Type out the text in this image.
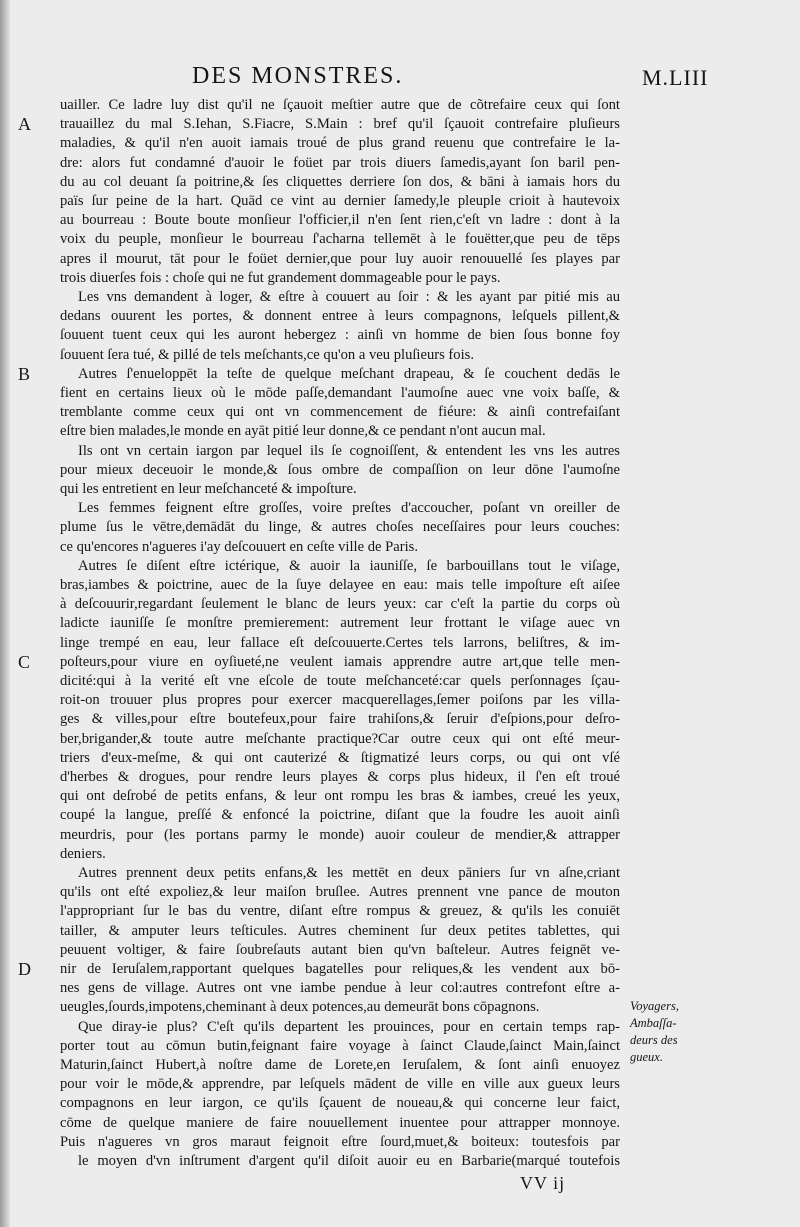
DES MONSTRES.	M.LIII
A
B
C
D
uailler. Ce ladre luy dist qu'il ne ſçauoit meſtier autre que de cõtrefaire ceux qui ſont
trauaillez du mal S.Iehan, S.Fiacre, S.Main : bref qu'il ſçauoit contrefaire pluſieurs
maladies, & qu'il n'en auoit iamais troué de plus grand reuenu que contrefaire le la-
dre: alors fut condamné d'auoir le foüet par trois diuers ſamedis,ayant ſon baril pen-
du au col deuant ſa poitrine,& ſes cliquettes derriere ſon dos, & bāni à iamais hors du
païs ſur peine de la hart. Quād ce vint au dernier ſamedy,le pleuple crioit à hautevoix
au bourreau : Boute boute monſieur l'officier,il n'en ſent rien,c'eſt vn ladre : dont à la
voix du peuple, monſieur le bourreau ſ'acharna tellemēt à le fouëtter,que peu de tēps
apres il mourut, tāt pour le foüet dernier,que pour luy auoir renouuellé ſes playes par
trois diuerſes fois : choſe qui ne fut grandement dommageable pour le pays.
Les vns demandent à loger, & eſtre à couuert au ſoir : & les ayant par pitié mis au
dedans ouurent les portes, & donnent entree à leurs compagnons, leſquels pillent,&
ſouuent tuent ceux qui les auront hebergez : ainſi vn homme de bien ſous bonne foy
ſouuent ſera tué, & pillé de tels meſchants,ce qu'on a veu pluſieurs fois.
Autres ſ'enueloppēt la teſte de quelque meſchant drapeau, & ſe couchent dedās le
fient en certains lieux où le mōde paſſe,demandant l'aumoſne auec vne voix baſſe, &
tremblante comme ceux qui ont vn commencement de fiéure: & ainſi contrefaiſant
eſtre bien malades,le monde en ayāt pitié leur donne,& ce pendant n'ont aucun mal.
Ils ont vn certain iargon par lequel ils ſe cognoiſſent, & entendent les vns les autres
pour mieux deceuoir le monde,& ſous ombre de compaſſion on leur dōne l'aumoſne
qui les entretient en leur meſchanceté & impoſture.
Les femmes feignent eſtre groſſes, voire preſtes d'accoucher, poſant vn oreiller de
plume ſus le vētre,demādāt du linge, & autres choſes neceſſaires pour leurs couches:
ce qu'encores n'agueres i'ay deſcouuert en ceſte ville de Paris.
Autres ſe diſent eſtre ictérique, & auoir la iauniſſe, ſe barbouillans tout le viſage,
bras,iambes & poictrine, auec de la ſuye delayee en eau: mais telle impoſture eſt aiſee
à deſcouurir,regardant ſeulement le blanc de leurs yeux: car c'eſt la partie du corps où
ladicte iauniſſe ſe monſtre premierement: autrement leur frottant le viſage auec vn
linge trempé en eau, leur fallace eſt deſcouuerte.Certes tels larrons, beliſtres, & im-
poſteurs,pour viure en oyſiueté,ne veulent iamais apprendre autre art,que telle men-
dicité:qui à la verité eſt vne eſcole de toute meſchanceté:car quels perſonnages ſçau-
roit-on trouuer plus propres pour exercer macquerellages,ſemer poiſons par les villa-
ges & villes,pour eſtre boutefeux,pour faire trahiſons,& ſeruir d'eſpions,pour deſro-
ber,brigander,& toute autre meſchante practique?Car outre ceux qui ont eſté meur-
triers d'eux-meſme, & qui ont cauterizé & ſtigmatizé leurs corps, ou qui ont vſé
d'herbes & drogues, pour rendre leurs playes & corps plus hideux, il ſ'en eſt troué
qui ont deſrobé de petits enfans, & leur ont rompu les bras & iambes, creué les yeux,
coupé la langue, preſſé & enfoncé la poictrine, diſant que la foudre les auoit ainſi
meurdris, pour (les portans parmy le monde) auoir couleur de mendier,& attrapper
deniers.
Autres prennent deux petits enfans,& les mettēt en deux pāniers ſur vn aſne,criant
qu'ils ont eſté expoliez,& leur maiſon bruſlee. Autres prennent vne pance de mouton
l'appropriant ſur le bas du ventre, diſant eſtre rompus & greuez, & qu'ils les conuiēt
tailler, & amputer leurs teſticules. Autres cheminent ſur deux petites tablettes, qui
peuuent voltiger, & faire ſoubreſauts autant bien qu'vn baſteleur. Autres feignēt ve-
nir de Ieruſalem,rapportant quelques bagatelles pour reliques,& les vendent aux bō-
nes gens de village. Autres ont vne iambe pendue à leur col:autres contrefont eſtre a-
ueugles,ſourds,impotens,cheminant à deux potences,au demeurāt bons cōpagnons.
Que diray-ie plus? C'eſt qu'ils departent les prouinces, pour en certain temps rap-
porter tout au cōmun butin,feignant faire voyage à ſainct Claude,ſainct Main,ſainct
Maturin,ſainct Hubert,à noſtre dame de Lorete,en Ieruſalem, & ſont ainſi enuoyez
pour voir le mōde,& apprendre, par leſquels mādent de ville en ville aux gueux leurs
compagnons en leur iargon, ce qu'ils ſçauent de noueau,& qui concerne leur faict,
cōme de quelque maniere de faire nouuellement inuentee pour attrapper monnoye.
Puis n'agueres vn gros maraut feignoit eſtre ſourd,muet,& boiteux: toutesfois par
le moyen d'vn inſtrument d'argent qu'il diſoit auoir eu en Barbarie(marqué toutefois
Voyagers,
Ambaſſa-
deurs des
gueux.
VV ij
